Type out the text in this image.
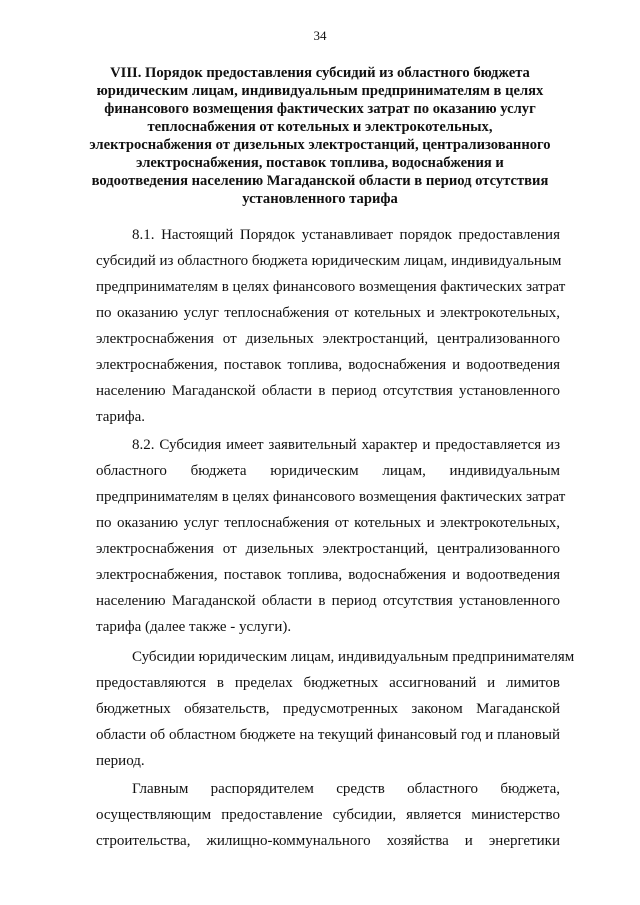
34
VIII. Порядок предоставления субсидий из областного бюджета
юридическим лицам, индивидуальным предпринимателям в целях
финансового возмещения фактических затрат по оказанию услуг
теплоснабжения от котельных и электрокотельных,
электроснабжения от дизельных электростанций, централизованного
электроснабжения, поставок топлива, водоснабжения и
водоотведения населению Магаданской области в период отсутствия
установленного тарифа
8.1. Настоящий Порядок устанавливает порядок предоставления
субсидий из областного бюджета юридическим лицам, индивидуальным
предпринимателям в целях финансового возмещения фактических затрат
по оказанию услуг теплоснабжения от котельных и электрокотельных,
электроснабжения от дизельных электростанций, централизованного
электроснабжения, поставок топлива, водоснабжения и водоотведения
населению Магаданской области в период отсутствия установленного
тарифа.
8.2. Субсидия имеет заявительный характер и предоставляется из
областного бюджета юридическим лицам, индивидуальным
предпринимателям в целях финансового возмещения фактических затрат
по оказанию услуг теплоснабжения от котельных и электрокотельных,
электроснабжения от дизельных электростанций, централизованного
электроснабжения, поставок топлива, водоснабжения и водоотведения
населению Магаданской области в период отсутствия установленного
тарифа (далее также - услуги).
Субсидии юридическим лицам, индивидуальным предпринимателям
предоставляются в пределах бюджетных ассигнований и лимитов
бюджетных обязательств, предусмотренных законом Магаданской
области об областном бюджете на текущий финансовый год и плановый
период.
Главным распорядителем средств областного бюджета,
осуществляющим предоставление субсидии, является министерство
строительства, жилищно-коммунального хозяйства и энергетики
